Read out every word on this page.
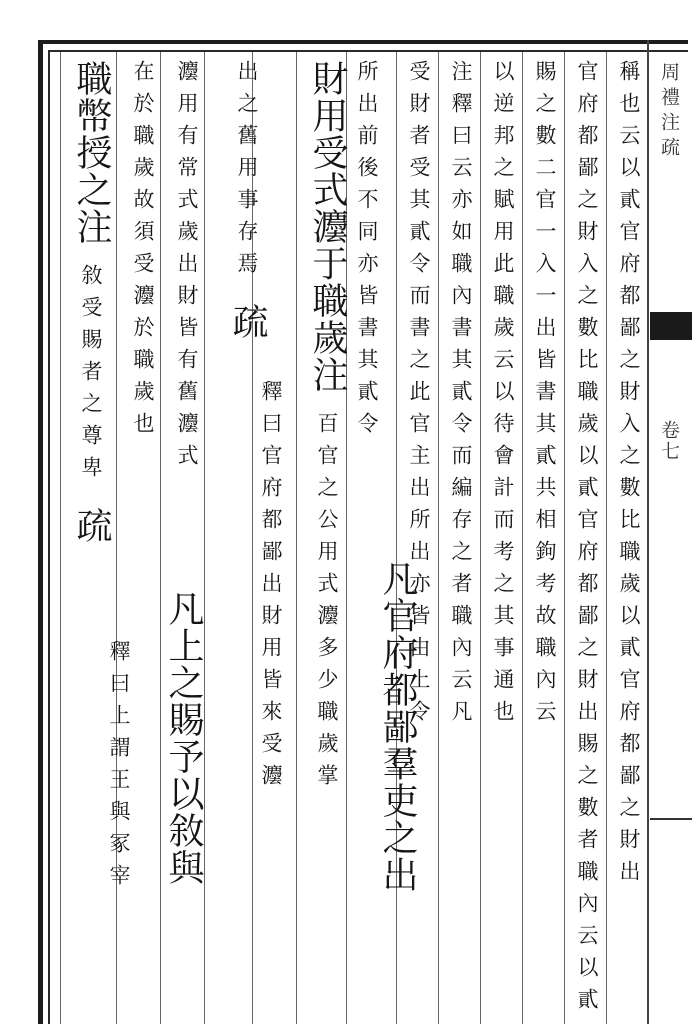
周禮注疏
卷七
稱也云以貳官府都鄙之財入之數比職歲以貳官府都鄙之財出
官府都鄙之財入之數比職歲以貳官府都鄙之財出賜之數者職內云以貳
賜之數二官一入一出皆書其貳共相鉤考故職內云
以逆邦之賦用此職歲云以待會計而考之其事通也
注釋曰云亦如職內書其貳令而編存之者職內云凡
受財者受其貳令而書之此官主出所出亦皆由上令
所出前後不同亦皆書其貳令
凡官府都鄙羣吏之出
財用受式灋于職歲注 百官之公用式灋多少職歲掌
出之舊用事存焉 疏
釋曰官府都鄙出財用皆來受灋
灋用有常式歲出財皆有舊灋式
凡上之賜予以敘與
在於職歲故須受灋於職歲也
職幣授之注 敘受賜者之尊卑 疏
釋曰上謂王與冢宰
